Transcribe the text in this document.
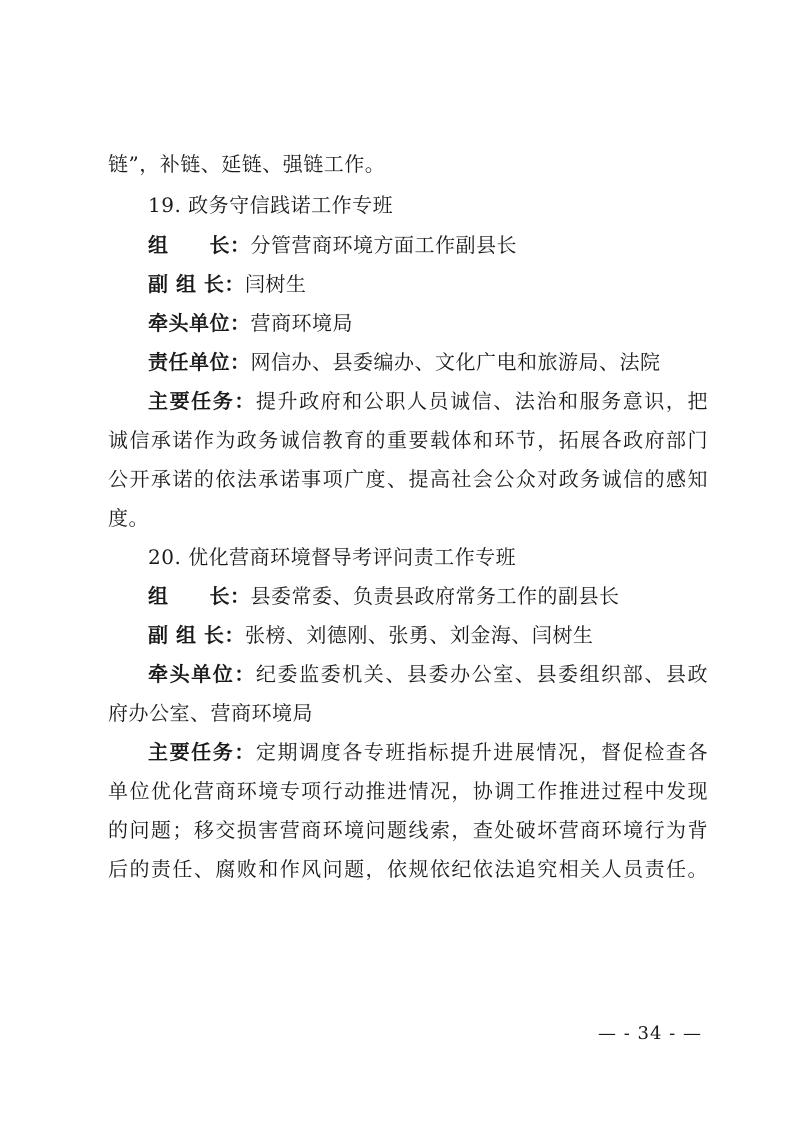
链”，补链、延链、强链工作。
19. 政务守信践诺工作专班
组　　长：分管营商环境方面工作副县长
副 组 长：闫树生
牵头单位：营商环境局
责任单位：网信办、县委编办、文化广电和旅游局、法院
主要任务：提升政府和公职人员诚信、法治和服务意识，把
诚信承诺作为政务诚信教育的重要载体和环节，拓展各政府部门
公开承诺的依法承诺事项广度、提高社会公众对政务诚信的感知
度。
20. 优化营商环境督导考评问责工作专班
组　　长：县委常委、负责县政府常务工作的副县长
副 组 长：张榜、刘德刚、张勇、刘金海、闫树生
牵头单位：纪委监委机关、县委办公室、县委组织部、县政
府办公室、营商环境局
主要任务：定期调度各专班指标提升进展情况，督促检查各
单位优化营商环境专项行动推进情况，协调工作推进过程中发现
的问题；移交损害营商环境问题线索，查处破坏营商环境行为背
后的责任、腐败和作风问题，依规依纪依法追究相关人员责任。
— - 34 - —
